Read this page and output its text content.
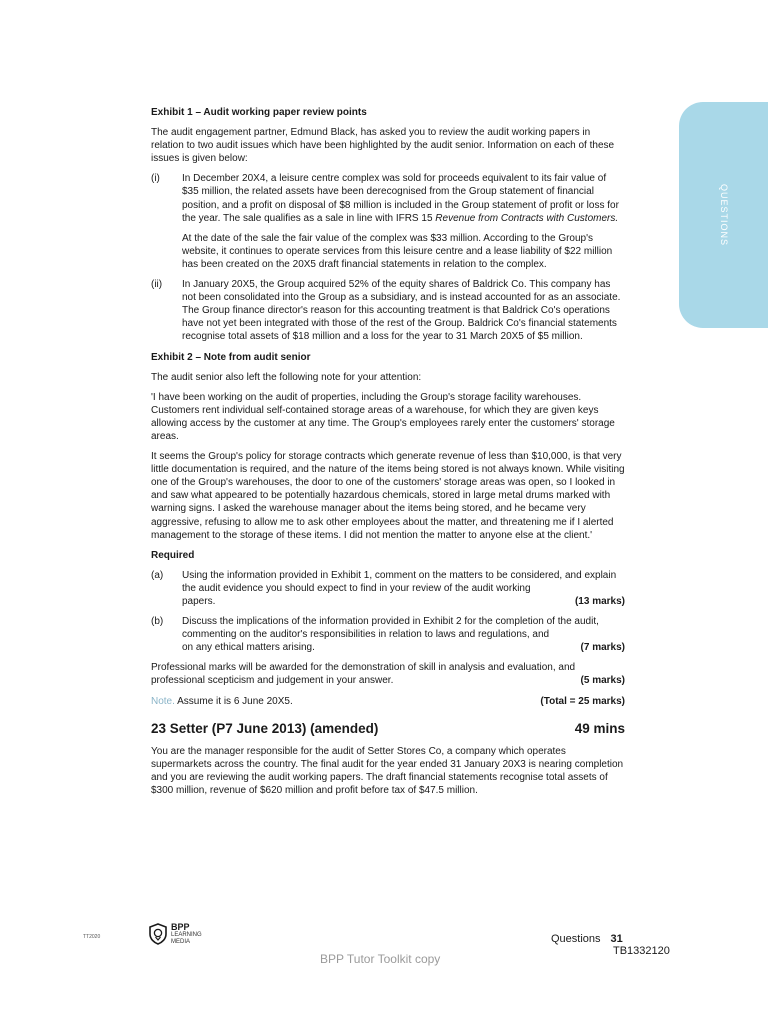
QUESTIONS
Exhibit 1 – Audit working paper review points

The audit engagement partner, Edmund Black, has asked you to review the audit working papers in relation to two audit issues which have been highlighted by the audit senior. Information on each of these issues is given below:

(i) In December 20X4, a leisure centre complex was sold for proceeds equivalent to its fair value of $35 million, the related assets have been derecognised from the Group statement of financial position, and a profit on disposal of $8 million is included in the Group statement of profit or loss for the year. The sale qualifies as a sale in line with IFRS 15 Revenue from Contracts with Customers.

At the date of the sale the fair value of the complex was $33 million. According to the Group's website, it continues to operate services from this leisure centre and a lease liability of $22 million has been created on the 20X5 draft financial statements in relation to the complex.

(ii) In January 20X5, the Group acquired 52% of the equity shares of Baldrick Co. This company has not been consolidated into the Group as a subsidiary, and is instead accounted for as an associate. The Group finance director's reason for this accounting treatment is that Baldrick Co's operations have not yet been integrated with those of the rest of the Group. Baldrick Co's financial statements recognise total assets of $18 million and a loss for the year to 31 March 20X5 of $5 million.

Exhibit 2 – Note from audit senior

The audit senior also left the following note for your attention:

'I have been working on the audit of properties, including the Group's storage facility warehouses. Customers rent individual self-contained storage areas of a warehouse, for which they are given keys allowing access by the customer at any time. The Group's employees rarely enter the customers' storage areas.

It seems the Group's policy for storage contracts which generate revenue of less than $10,000, is that very little documentation is required, and the nature of the items being stored is not always known. While visiting one of the Group's warehouses, the door to one of the customers' storage areas was open, so I looked in and saw what appeared to be potentially hazardous chemicals, stored in large metal drums marked with warning signs. I asked the warehouse manager about the items being stored, and he became very aggressive, refusing to allow me to ask other employees about the matter, and threatening me if I alerted management to the storage of these items. I did not mention the matter to anyone else at the client.'

Required
(a) Using the information provided in Exhibit 1, comment on the matters to be considered, and explain the audit evidence you should expect to find in your review of the audit working
papers.	(13 marks)
(b) Discuss the implications of the information provided in Exhibit 2 for the completion of the audit, commenting on the auditor's responsibilities in relation to laws and regulations, and
on any ethical matters arising.	(7 marks)
Professional marks will be awarded for the demonstration of skill in analysis and evaluation, and
professional scepticism and judgement in your answer.	(5 marks)
Note. Assume it is 6 June 20X5.	(Total = 25 marks)
23 Setter (P7 June 2013) (amended)	49 mins

You are the manager responsible for the audit of Setter Stores Co, a company which operates supermarkets across the country. The final audit for the year ended 31 January 20X3 is nearing completion and you are reviewing the audit working papers. The draft financial statements recognise total assets of $300 million, revenue of $620 million and profit before tax of $47.5 million.

TT2020
BPP
LEARNING
MEDIA	Questions 31
TB1332120
BPP Tutor Toolkit copy
